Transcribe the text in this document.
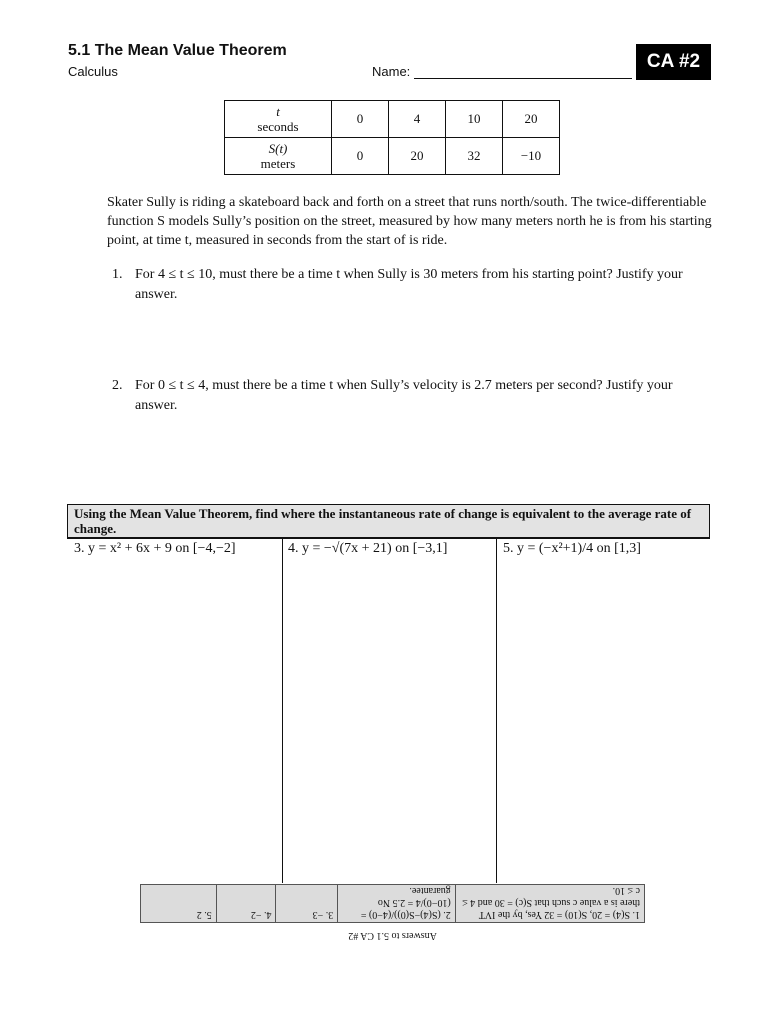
5.1 The Mean Value Theorem
Calculus	Name:	CA #2
t
seconds	0	4	10	20
S(t)
meters	0	20	32	−10
Skater Sully is riding a skateboard back and forth on a street that runs north/south. The twice-differentiable function S models Sully’s position on the street, measured by how many meters north he is from his starting point, at time t, measured in seconds from the start of is ride.
1. For 4 ≤ t ≤ 10, must there be a time t when Sully is 30 meters from his starting point? Justify your answer.
2. For 0 ≤ t ≤ 4, must there be a time t when Sully’s velocity is 2.7 meters per second? Justify your answer.
Using the Mean Value Theorem, find where the instantaneous rate of change is equivalent to the average rate of change.
3. y = x² + 6x + 9 on [−4,−2]	4. y = −√(7x + 21) on [−3,1]	5. y = (−x²+1)/4 on [1,3]
Answers to 5.1 CA #2
1. S(4) = 20, S(10) = 32 Yes, by the IVT there is a value c such that S(c) = 30 and 4 ≤ c ≤ 10.
2. (S(4)−S(0))/(4−0) = (10−0)/4 = 2.5 No guarantee.
3. −3
4. −2
5. 2
